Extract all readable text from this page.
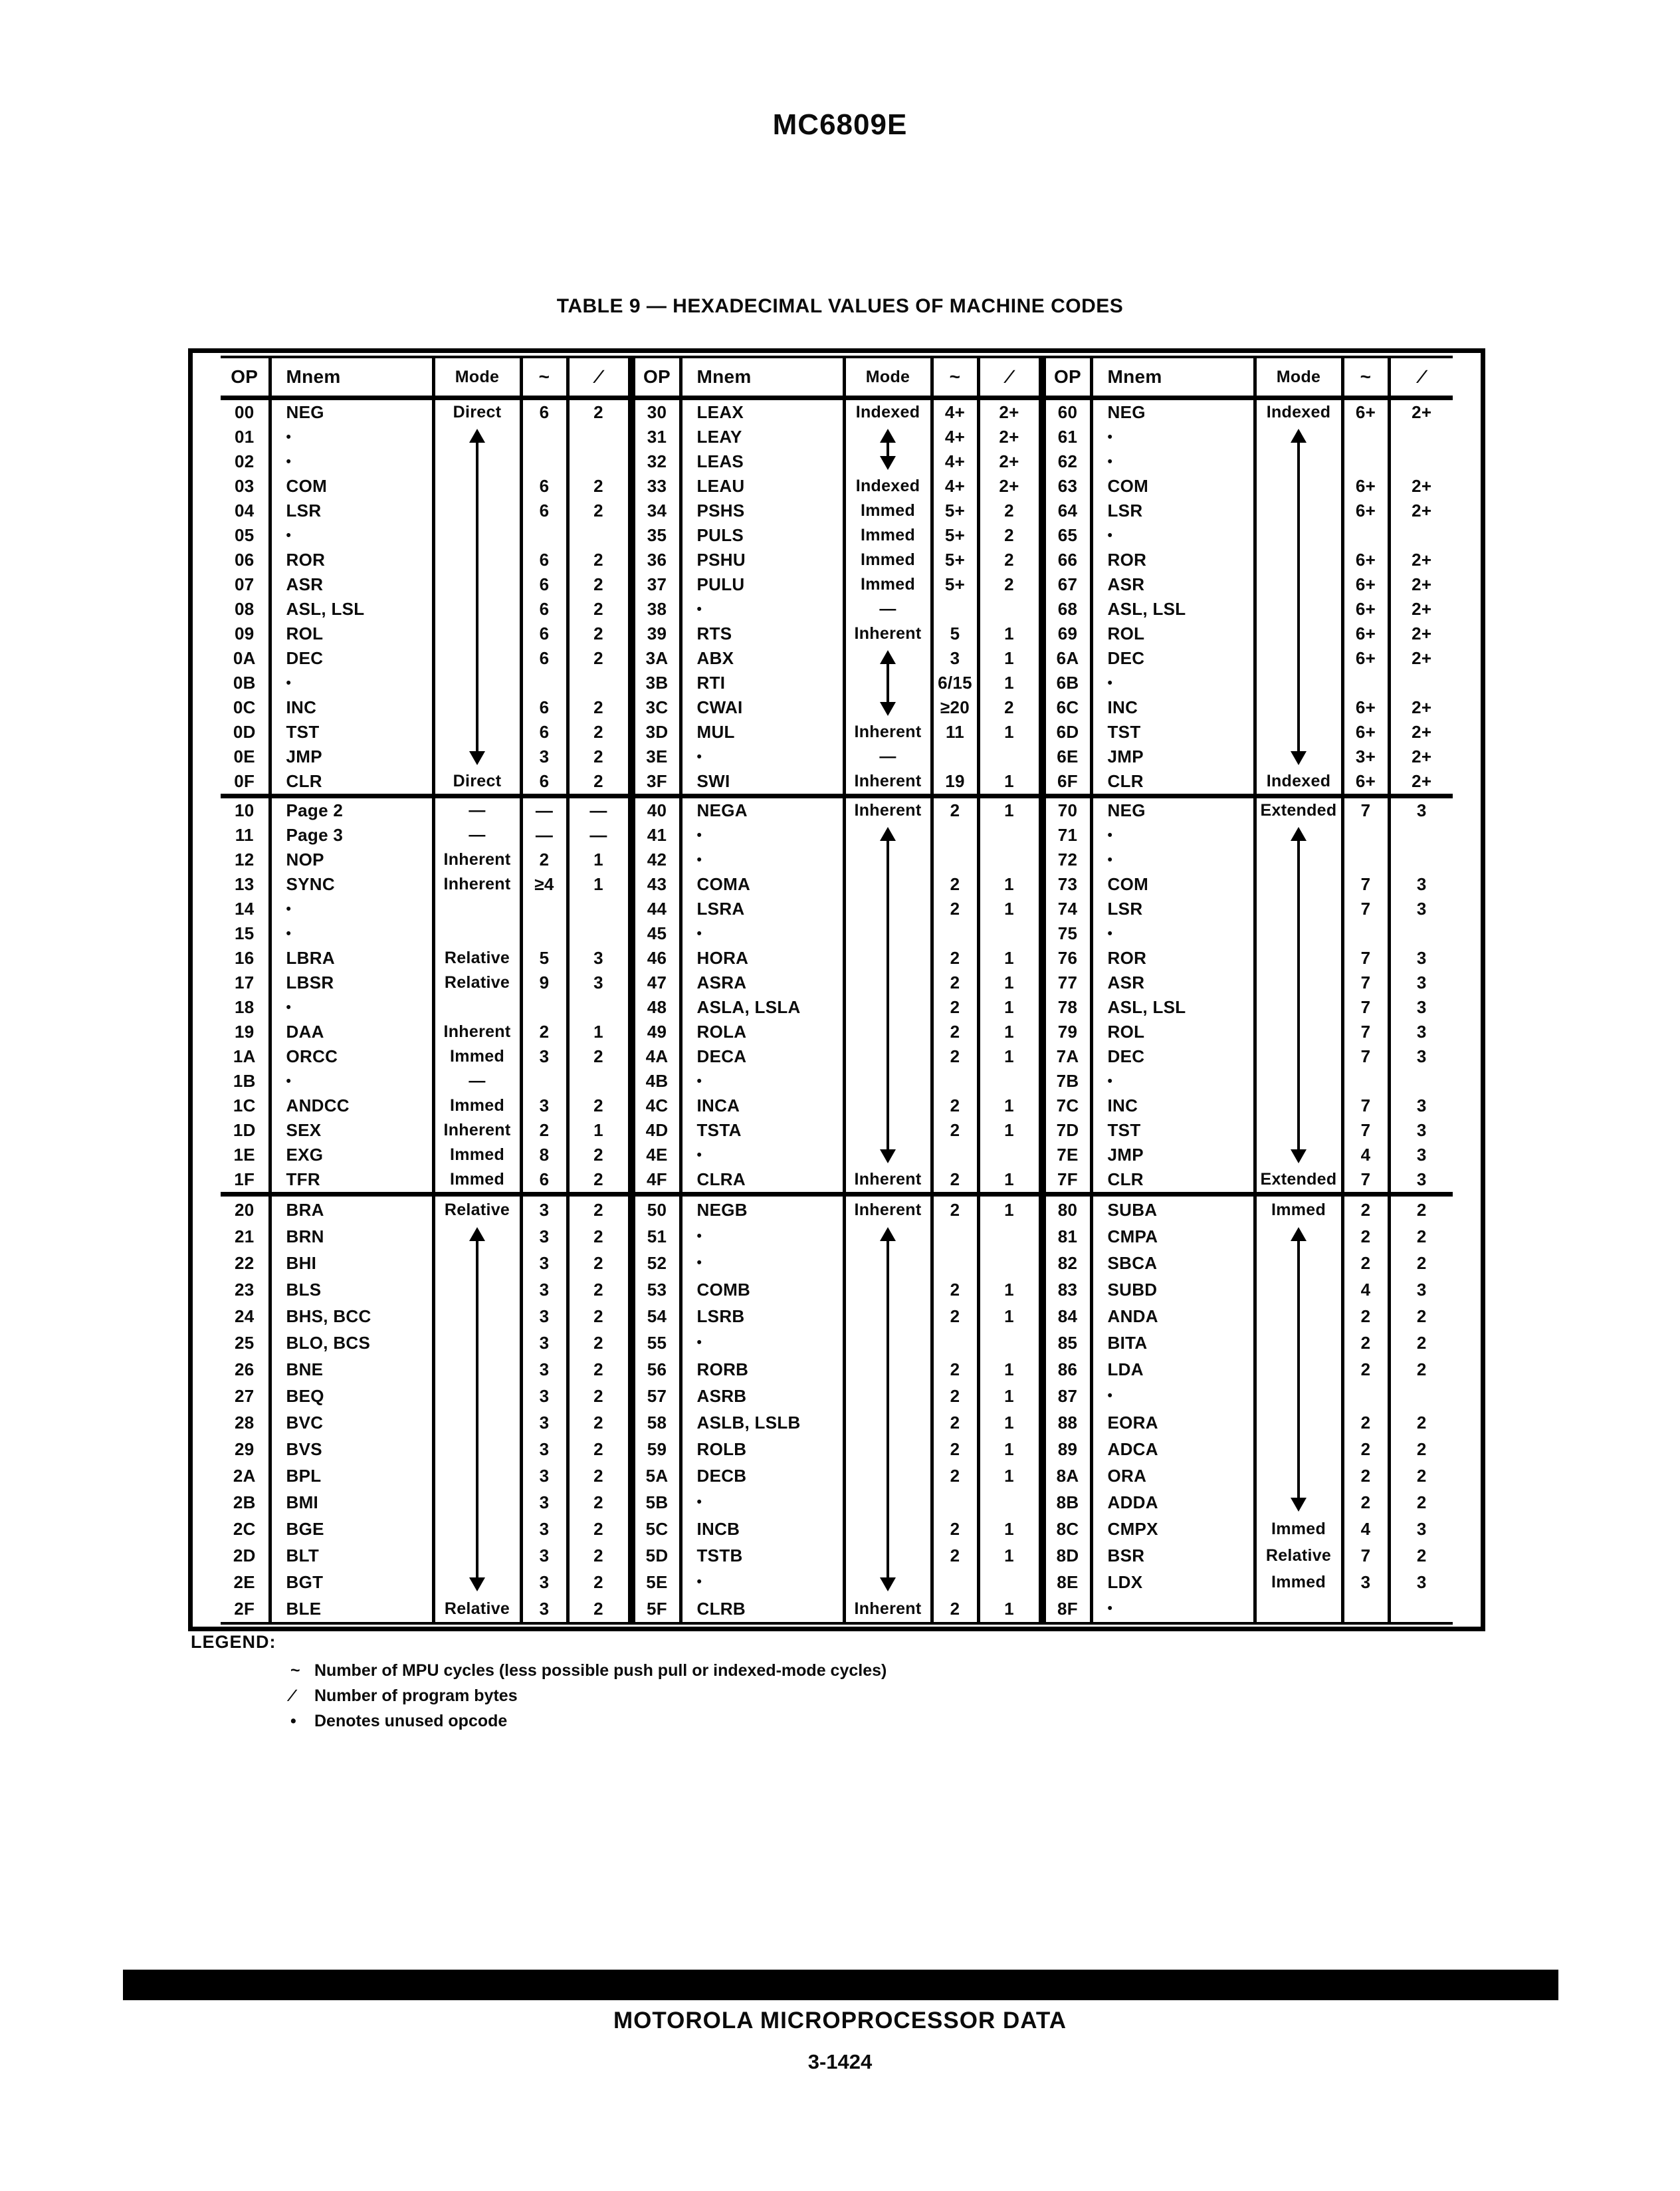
MC6809E
TABLE 9 — HEXADECIMAL VALUES OF MACHINE CODES
OP	Mnem	Mode	~	∕	OP	Mnem	Mode	~	∕	OP	Mnem	Mode	~	∕
00	NEG	Direct	6	2	30	LEAX	Indexed	4+	2+	60	NEG	Indexed	6+	2+
01	•				31	LEAY		4+	2+	61	•	

02	•				32	LEAS		4+	2+	62	•			
03	COM		6	2	33	LEAU	Indexed	4+	2+	63	COM		6+	2+
04	LSR		6	2	34	PSHS	Immed	5+	2	64	LSR		6+	2+
05	•				35	PULS	Immed	5+	2	65	•			
06	ROR		6	2	36	PSHU	Immed	5+	2	66	ROR		6+	2+
07	ASR		6	2	37	PULU	Immed	5+	2	67	ASR		6+	2+
08	ASL, LSL		6	2	38	•	—			68	ASL, LSL		6+	2+
09	ROL		6	2	39	RTS	Inherent	5	1	69	ROL		6+	2+
0A	DEC		6	2	3A	ABX		3	1	6A	DEC		6+	2+
0B	•				3B	RTI		6/15	1	6B	•			
0C	INC		6	2	3C	CWAI		≥20	2	6C	INC		6+	2+
0D	TST		6	2	3D	MUL	Inherent	11	1	6D	TST		6+	2+
0E	JMP		3	2	3E	•	—			6E	JMP		3+	2+
0F	CLR	Direct	6	2	3F	SWI	Inherent	19	1	6F	CLR	Indexed	6+	2+
10	Page 2	—	—	—	40	NEGA	Inherent	2	1	70	NEG	Extended	7	3
11	Page 3	—	—	—	41	•				71	•	

12	NOP	Inherent	2	1	42	•				72	•			
13	SYNC	Inherent	≥4	1	43	COMA		2	1	73	COM		7	3
14	•				44	LSRA		2	1	74	LSR		7	3
15	•				45	•				75	•			
16	LBRA	Relative	5	3	46	HORA		2	1	76	ROR		7	3
17	LBSR	Relative	9	3	47	ASRA		2	1	77	ASR		7	3
18	•				48	ASLA, LSLA		2	1	78	ASL, LSL		7	3
19	DAA	Inherent	2	1	49	ROLA		2	1	79	ROL		7	3
1A	ORCC	Immed	3	2	4A	DECA		2	1	7A	DEC		7	3
1B	•	—			4B	•				7B	•			
1C	ANDCC	Immed	3	2	4C	INCA		2	1	7C	INC		7	3
1D	SEX	Inherent	2	1	4D	TSTA		2	1	7D	TST		7	3
1E	EXG	Immed	8	2	4E	•				7E	JMP		4	3
1F	TFR	Immed	6	2	4F	CLRA	Inherent	2	1	7F	CLR	Extended	7	3
20	BRA	Relative	3	2	50	NEGB	Inherent	2	1	80	SUBA	Immed	2	2
21	BRN		3	2	51	•				81	CMPA		2	2
22	BHI		3	2	52	•				82	SBCA		2	2
23	BLS		3	2	53	COMB		2	1	83	SUBD		4	3
24	BHS, BCC		3	2	54	LSRB		2	1	84	ANDA		2	2
25	BLO, BCS		3	2	55	•				85	BITA		2	2
26	BNE		3	2	56	RORB		2	1	86	LDA		2	2
27	BEQ		3	2	57	ASRB		2	1	87	•			
28	BVC		3	2	58	ASLB, LSLB		2	1	88	EORA		2	2
29	BVS		3	2	59	ROLB		2	1	89	ADCA		2	2
2A	BPL		3	2	5A	DECB		2	1	8A	ORA		2	2
2B	BMI		3	2	5B	•				8B	ADDA		2	2
2C	BGE		3	2	5C	INCB		2	1	8C	CMPX	Immed	4	3
2D	BLT		3	2	5D	TSTB		2	1	8D	BSR	Relative	7	2
2E	BGT		3	2	5E	•				8E	LDX	Immed	3	3
2F	BLE	Relative	3	2	5F	CLRB	Inherent	2	1	8F	•			
LEGEND:
~ Number of MPU cycles (less possible push pull or indexed-mode cycles)
∕ Number of program bytes
• Denotes unused opcode
MOTOROLA MICROPROCESSOR DATA
3-1424
